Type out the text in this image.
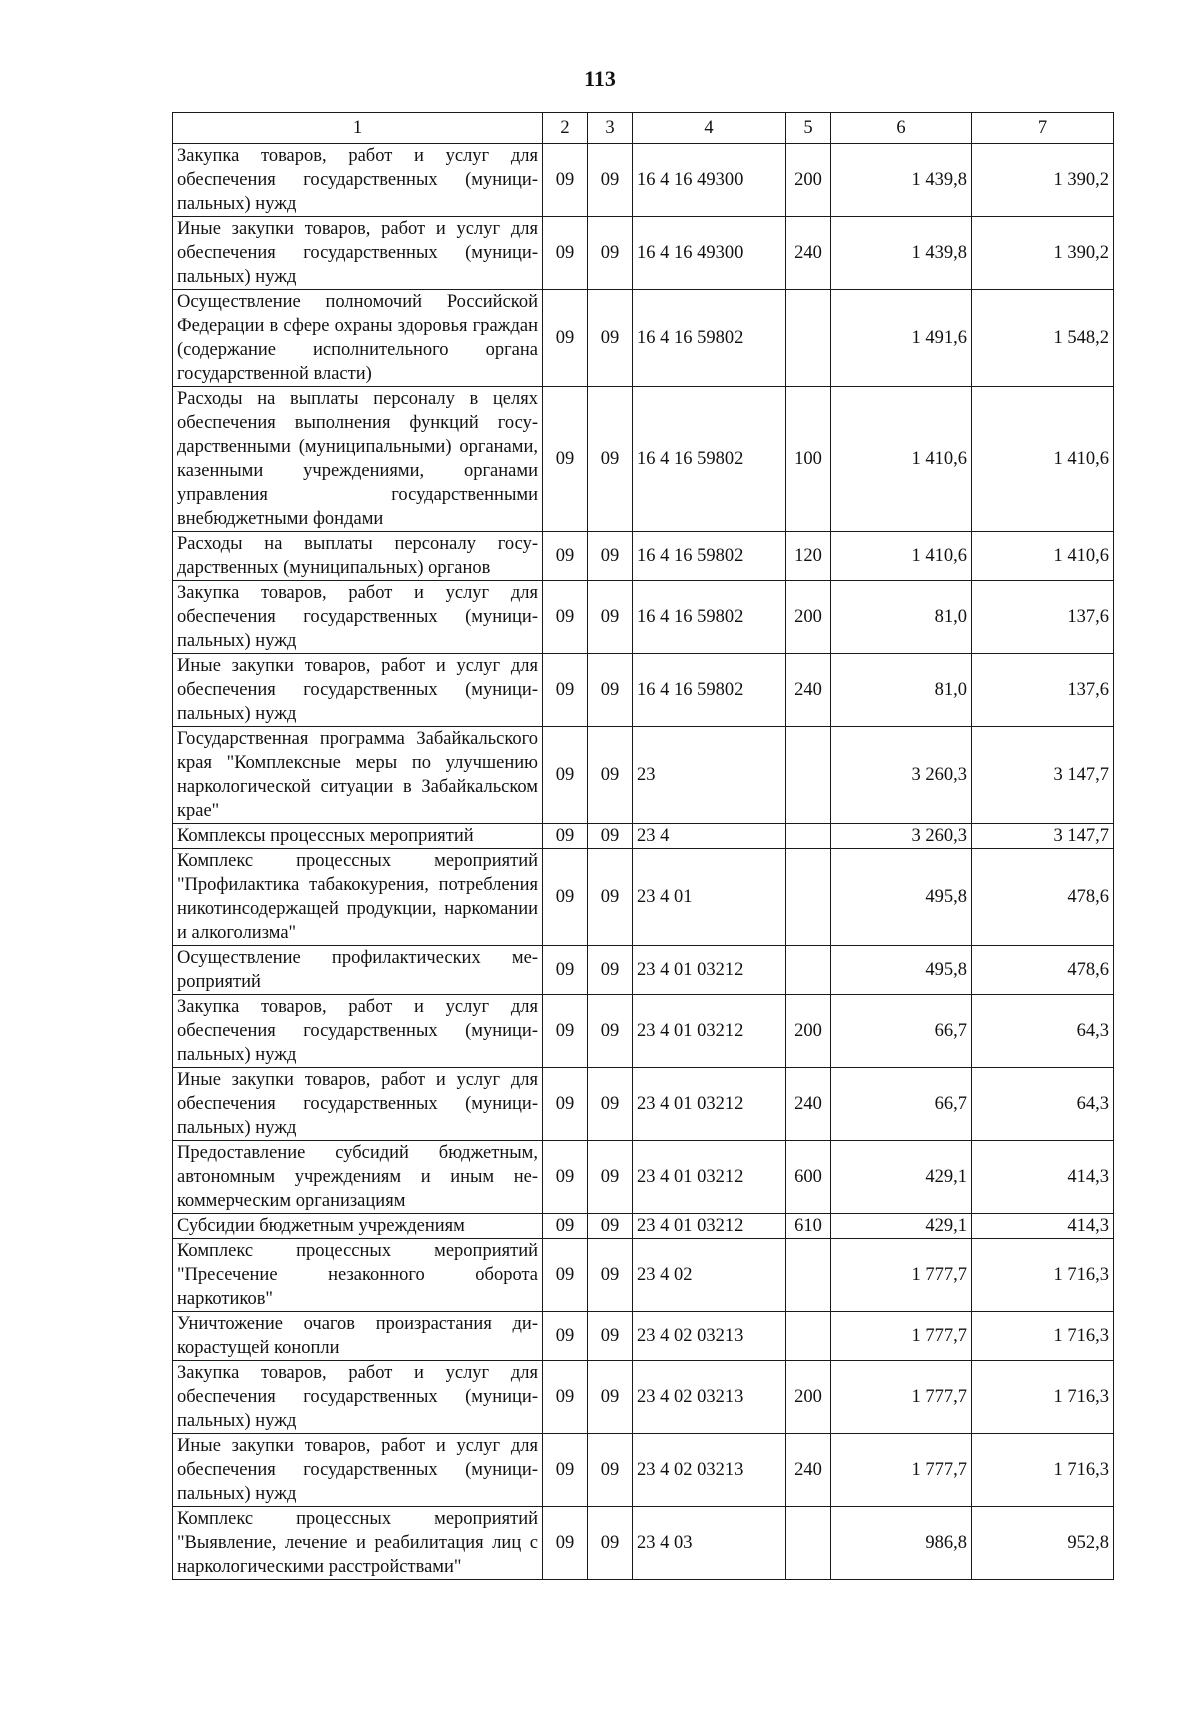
113
1	2	3	4	5	6	7
Закупка товаров, работ и услуг для обеспечения государственных (муниципальных) нужд	09	09	16 4 16 49300	200	1 439,8	1 390,2
Иные закупки товаров, работ и услуг для обеспечения государственных (муниципальных) нужд	09	09	16 4 16 49300	240	1 439,8	1 390,2
Осуществление полномочий Российской Федерации в сфере охраны здоровья граждан (содержание исполнительного органа государственной власти)	09	09	16 4 16 59802		1 491,6	1 548,2
Расходы на выплаты персоналу в целях обеспечения выполнения функций государственными (муниципальными) органами, казенными учреждениями, органами управления государственными внебюджетными фондами	09	09	16 4 16 59802	100	1 410,6	1 410,6
Расходы на выплаты персоналу государственных (муниципальных) органов	09	09	16 4 16 59802	120	1 410,6	1 410,6
Закупка товаров, работ и услуг для обеспечения государственных (муниципальных) нужд	09	09	16 4 16 59802	200	81,0	137,6
Иные закупки товаров, работ и услуг для обеспечения государственных (муниципальных) нужд	09	09	16 4 16 59802	240	81,0	137,6
Государственная программа Забайкальского края "Комплексные меры по улучшению наркологической ситуации в Забайкальском крае"	09	09	23		3 260,3	3 147,7
Комплексы процессных мероприятий	09	09	23 4		3 260,3	3 147,7
Комплекс процессных мероприятий "Профилактика табакокурения, потребления никотинсодержащей продукции, наркомании и алкоголизма"	09	09	23 4 01		495,8	478,6
Осуществление профилактических мероприятий	09	09	23 4 01 03212		495,8	478,6
Закупка товаров, работ и услуг для обеспечения государственных (муниципальных) нужд	09	09	23 4 01 03212	200	66,7	64,3
Иные закупки товаров, работ и услуг для обеспечения государственных (муниципальных) нужд	09	09	23 4 01 03212	240	66,7	64,3
Предоставление субсидий бюджетным, автономным учреждениям и иным некоммерческим организациям	09	09	23 4 01 03212	600	429,1	414,3
Субсидии бюджетным учреждениям	09	09	23 4 01 03212	610	429,1	414,3
Комплекс процессных мероприятий "Пресечение незаконного оборота наркотиков"	09	09	23 4 02		1 777,7	1 716,3
Уничтожение очагов произрастания дикорастущей конопли	09	09	23 4 02 03213		1 777,7	1 716,3
Закупка товаров, работ и услуг для обеспечения государственных (муниципальных) нужд	09	09	23 4 02 03213	200	1 777,7	1 716,3
Иные закупки товаров, работ и услуг для обеспечения государственных (муниципальных) нужд	09	09	23 4 02 03213	240	1 777,7	1 716,3
Комплекс процессных мероприятий "Выявление, лечение и реабилитация лиц с наркологическими расстройствами"	09	09	23 4 03		986,8	952,8
